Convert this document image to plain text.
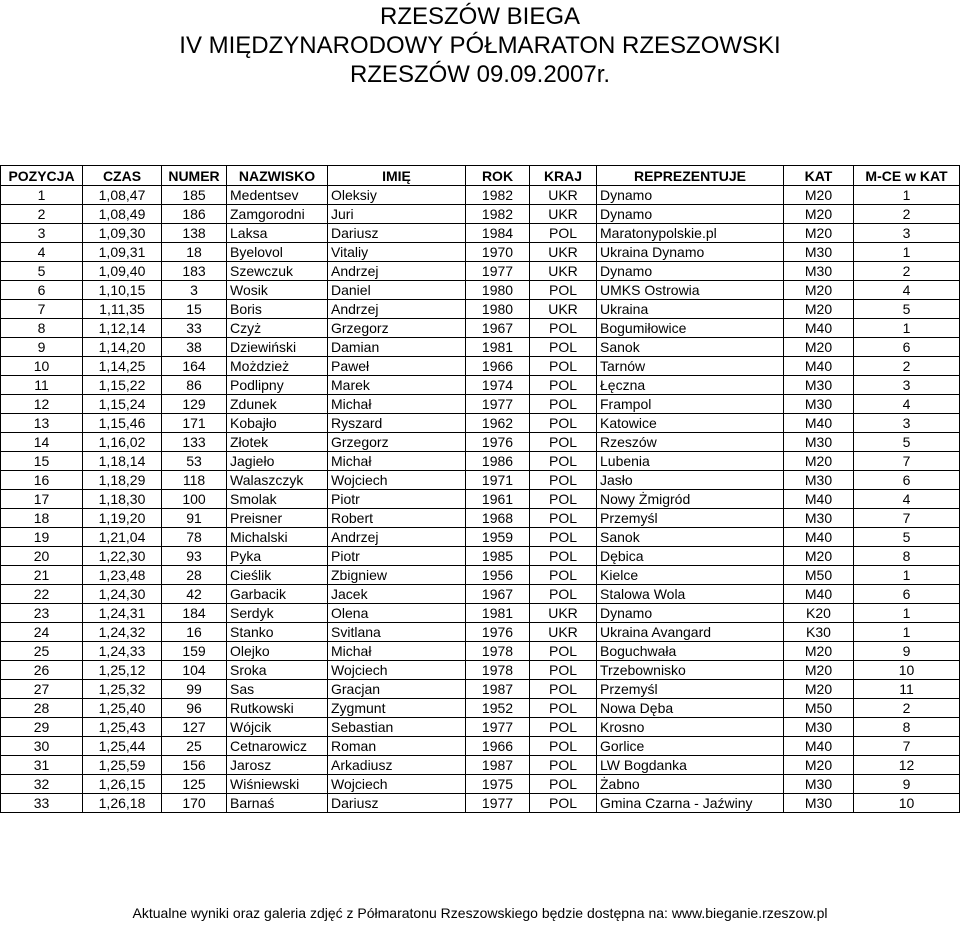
RZESZÓW BIEGA
IV MIĘDZYNARODOWY PÓŁMARATON RZESZOWSKI
RZESZÓW 09.09.2007r.
POZYCJA	CZAS	NUMER	NAZWISKO	IMIĘ	ROK	KRAJ	REPREZENTUJE	KAT	M-CE w KAT
1	1,08,47	185	Medentsev	Oleksiy	1982	UKR	Dynamo	M20	1
2	1,08,49	186	Zamgorodni	Juri	1982	UKR	Dynamo	M20	2
3	1,09,30	138	Laksa	Dariusz	1984	POL	Maratonypolskie.pl	M20	3
4	1,09,31	18	Byelovol	Vitaliy	1970	UKR	Ukraina Dynamo	M30	1
5	1,09,40	183	Szewczuk	Andrzej	1977	UKR	Dynamo	M30	2
6	1,10,15	3	Wosik	Daniel	1980	POL	UMKS Ostrowia	M20	4
7	1,11,35	15	Boris	Andrzej	1980	UKR	Ukraina	M20	5
8	1,12,14	33	Czyż	Grzegorz	1967	POL	Bogumiłowice	M40	1
9	1,14,20	38	Dziewiński	Damian	1981	POL	Sanok	M20	6
10	1,14,25	164	Możdzież	Paweł	1966	POL	Tarnów	M40	2
11	1,15,22	86	Podlipny	Marek	1974	POL	Łęczna	M30	3
12	1,15,24	129	Zdunek	Michał	1977	POL	Frampol	M30	4
13	1,15,46	171	Kobajło	Ryszard	1962	POL	Katowice	M40	3
14	1,16,02	133	Złotek	Grzegorz	1976	POL	Rzeszów	M30	5
15	1,18,14	53	Jagieło	Michał	1986	POL	Lubenia	M20	7
16	1,18,29	118	Walaszczyk	Wojciech	1971	POL	Jasło	M30	6
17	1,18,30	100	Smolak	Piotr	1961	POL	Nowy Żmigród	M40	4
18	1,19,20	91	Preisner	Robert	1968	POL	Przemyśl	M30	7
19	1,21,04	78	Michalski	Andrzej	1959	POL	Sanok	M40	5
20	1,22,30	93	Pyka	Piotr	1985	POL	Dębica	M20	8
21	1,23,48	28	Cieślik	Zbigniew	1956	POL	Kielce	M50	1
22	1,24,30	42	Garbacik	Jacek	1967	POL	Stalowa Wola	M40	6
23	1,24,31	184	Serdyk	Olena	1981	UKR	Dynamo	K20	1
24	1,24,32	16	Stanko	Svitlana	1976	UKR	Ukraina Avangard	K30	1
25	1,24,33	159	Olejko	Michał	1978	POL	Boguchwała	M20	9
26	1,25,12	104	Sroka	Wojciech	1978	POL	Trzebownisko	M20	10
27	1,25,32	99	Sas	Gracjan	1987	POL	Przemyśl	M20	11
28	1,25,40	96	Rutkowski	Zygmunt	1952	POL	Nowa Dęba	M50	2
29	1,25,43	127	Wójcik	Sebastian	1977	POL	Krosno	M30	8
30	1,25,44	25	Cetnarowicz	Roman	1966	POL	Gorlice	M40	7
31	1,25,59	156	Jarosz	Arkadiusz	1987	POL	LW Bogdanka	M20	12
32	1,26,15	125	Wiśniewski	Wojciech	1975	POL	Żabno	M30	9
33	1,26,18	170	Barnaś	Dariusz	1977	POL	Gmina Czarna - Jaźwiny	M30	10
Aktualne wyniki oraz galeria zdjęć z Półmaratonu Rzeszowskiego będzie dostępna na: www.bieganie.rzeszow.pl
